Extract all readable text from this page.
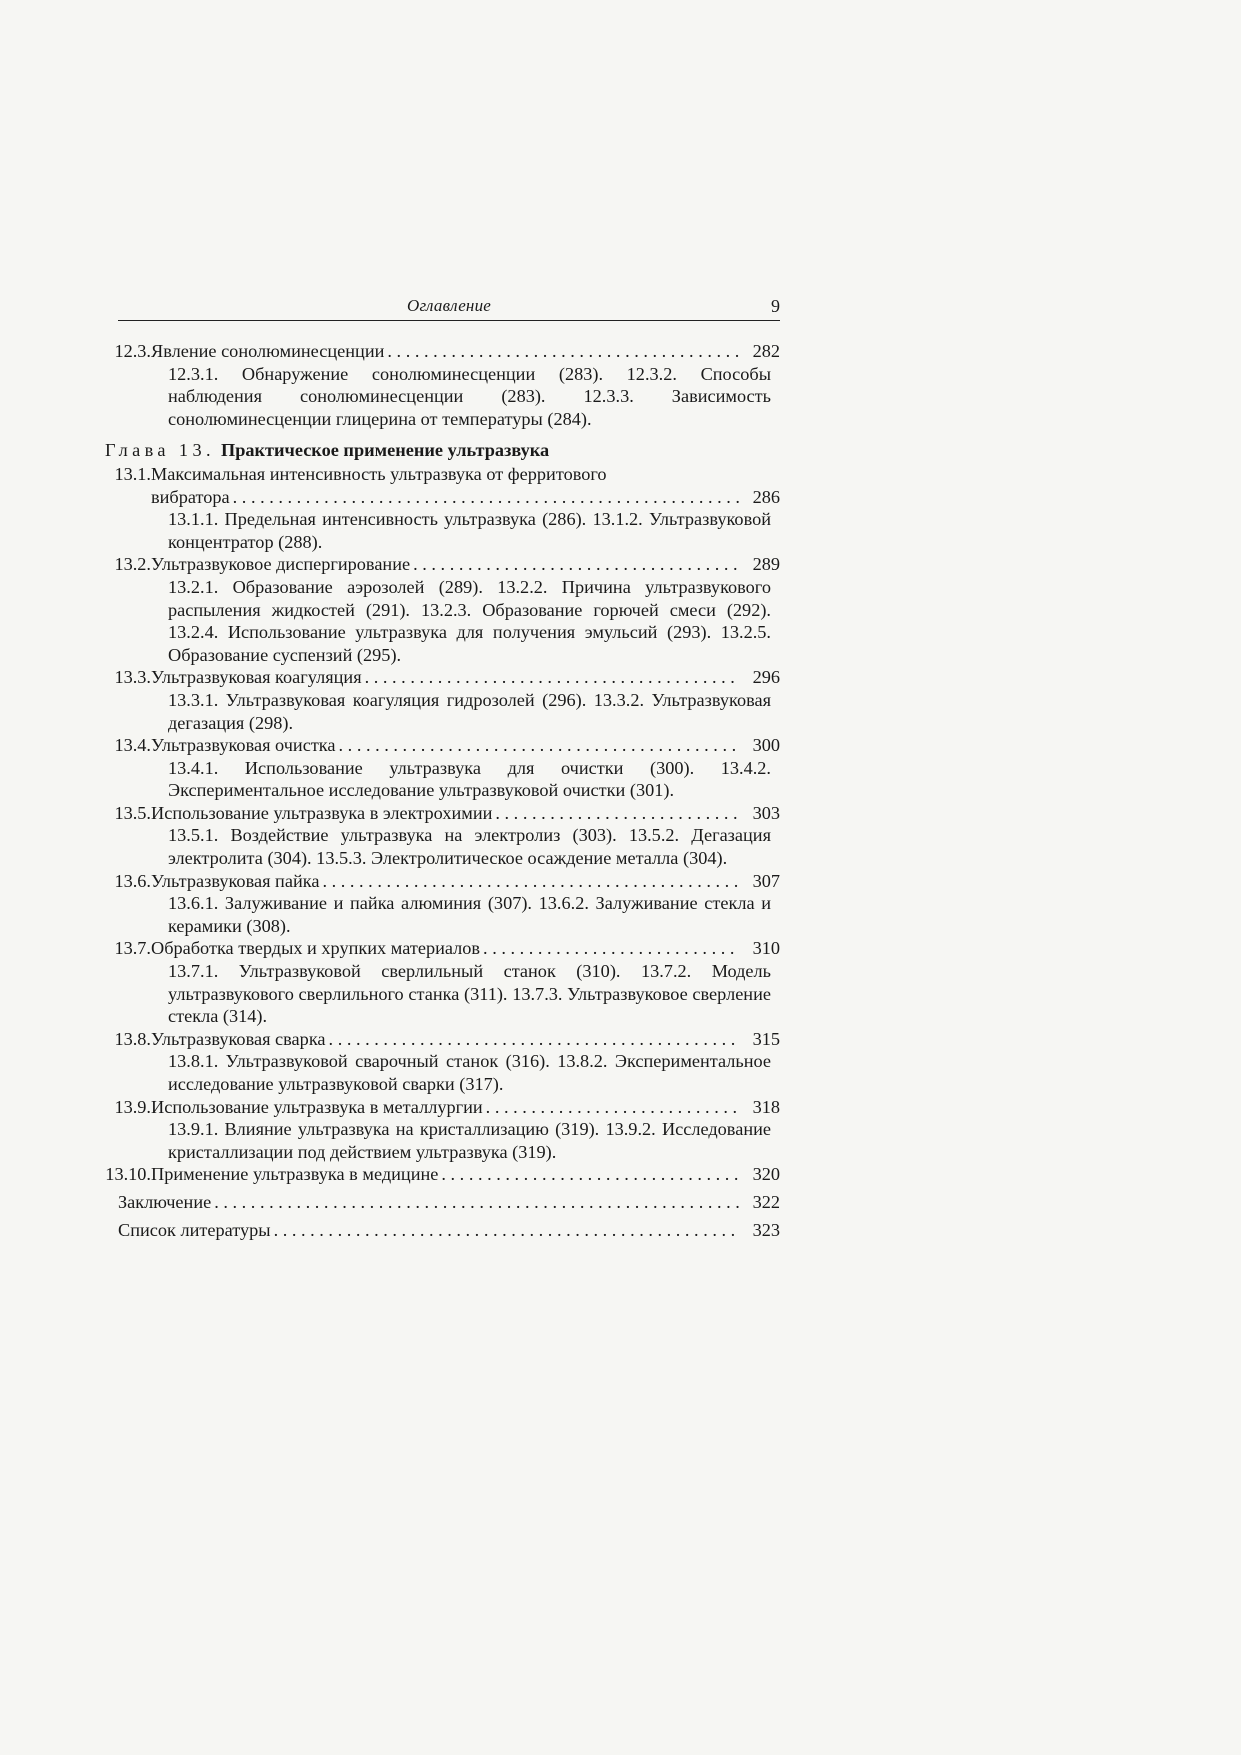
Оглавление	9
12.3. Явление сонолюминесценции . . .	282
12.3.1. Обнаружение сонолюминесценции (283). 12.3.2. Способы наблюдения сонолюминесценции (283). 12.3.3. Зависимость сонолюминесценции глицерина от температуры (284).
Глава 13. Практическое применение ультразвука
13.1. Максимальная интенсивность ультразвука от ферритового
вибратора . . .	286
13.1.1. Предельная интенсивность ультразвука (286). 13.1.2. Ультразвуковой концентратор (288).
13.2. Ультразвуковое диспергирование . . .	289
13.2.1. Образование аэрозолей (289). 13.2.2. Причина ультразвукового распыления жидкостей (291). 13.2.3. Образование горючей смеси (292). 13.2.4. Использование ультразвука для получения эмульсий (293). 13.2.5. Образование суспензий (295).
13.3. Ультразвуковая коагуляция . . .	296
13.3.1. Ультразвуковая коагуляция гидрозолей (296). 13.3.2. Ультразвуковая дегазация (298).
13.4. Ультразвуковая очистка . . .	300
13.4.1. Использование ультразвука для очистки (300). 13.4.2. Экспериментальное исследование ультразвуковой очистки (301).
13.5. Использование ультразвука в электрохимии . . .	303
13.5.1. Воздействие ультразвука на электролиз (303). 13.5.2. Дегазация электролита (304). 13.5.3. Электролитическое осаждение металла (304).
13.6. Ультразвуковая пайка . . .	307
13.6.1. Залуживание и пайка алюминия (307). 13.6.2. Залуживание стекла и керамики (308).
13.7. Обработка твердых и хрупких материалов . . .	310
13.7.1. Ультразвуковой сверлильный станок (310). 13.7.2. Модель ультразвукового сверлильного станка (311). 13.7.3. Ультразвуковое сверление стекла (314).
13.8. Ультразвуковая сварка . . .	315
13.8.1. Ультразвуковой сварочный станок (316). 13.8.2. Экспериментальное исследование ультразвуковой сварки (317).
13.9. Использование ультразвука в металлургии . . .	318
13.9.1. Влияние ультразвука на кристаллизацию (319). 13.9.2. Исследование кристаллизации под действием ультразвука (319).
13.10. Применение ультразвука в медицине . . .	320
Заключение . . .	322
Список литературы . . .	323
